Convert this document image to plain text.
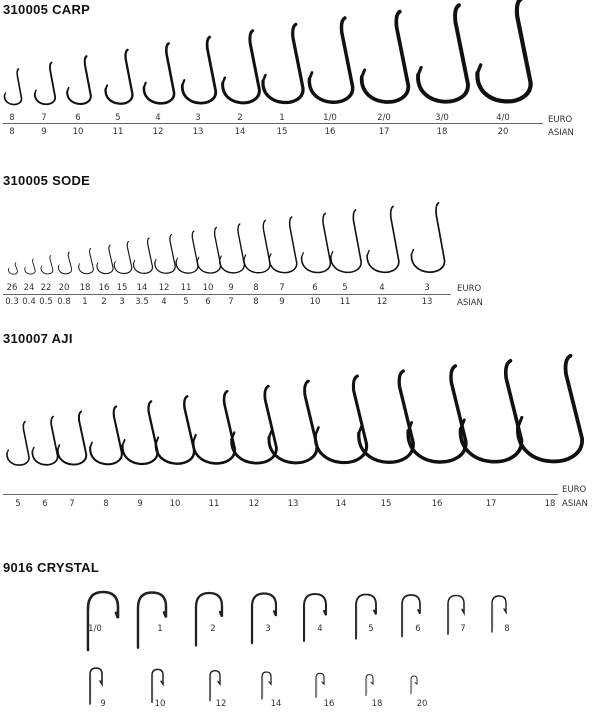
310005 CARP
8	7	6	5	4	3	2	1	1/0	2/0	3/0	4/0
8	9	10	11	12	13	14	15	16	17	18	20
EURO
ASIAN
310005 SODE
26 24 22 20 18 16 15 14 12 11 10 9 8 7	6	5	4	3
0.3 0.4 0.5 0.8 1 2 3 3.5 4 5 6 7 8 9	10 11	12	13
EURO
ASIAN
310007 AJI
5	6	7	8	9	10	11	12	13	14	15	16	17	18
EURO
ASIAN
9016 CRYSTAL
1/0	1	2	3	4	5	6	7	8
9	10	12	14	16	18	20
